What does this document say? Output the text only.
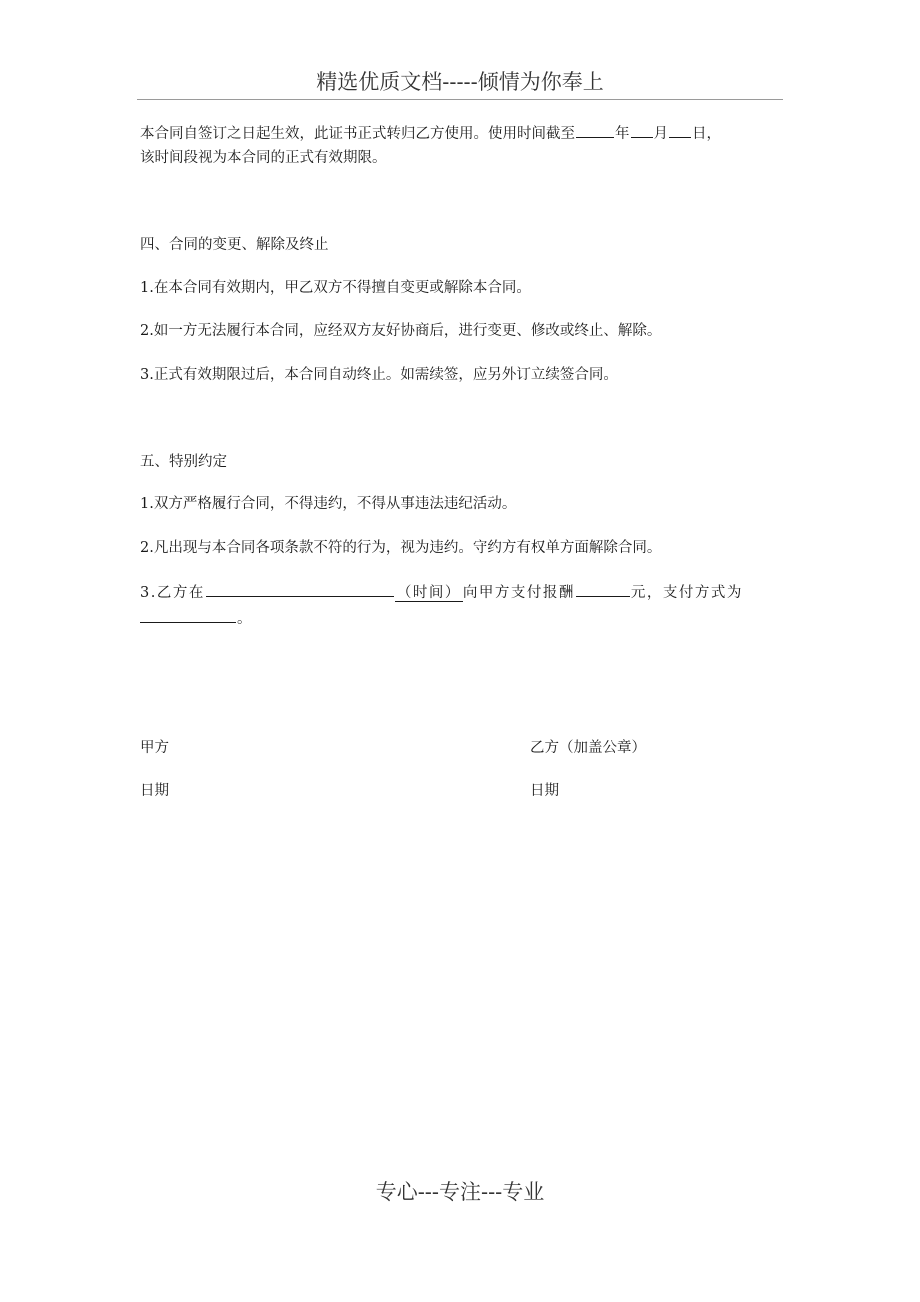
精选优质文档-----倾情为你奉上
本合同自签订之日起生效，此证书正式转归乙方使用。使用时间截至	年 月 日，
该时间段视为本合同的正式有效期限。
四、合同的变更、解除及终止
1.在本合同有效期内，甲乙双方不得擅自变更或解除本合同。
2.如一方无法履行本合同，应经双方友好协商后，进行变更、修改或终止、解除。
3.正式有效期限过后，本合同自动终止。如需续签，应另外订立续签合同。
五、特别约定
1.双方严格履行合同，不得违约，不得从事违法违纪活动。
2.凡出现与本合同各项条款不符的行为，视为违约。守约方有权单方面解除合同。
3.乙方在	（时间） 向甲方支付报酬	元，支付方式为
。
甲方	乙方（加盖公章）
日期	日期
专心---专注---专业
